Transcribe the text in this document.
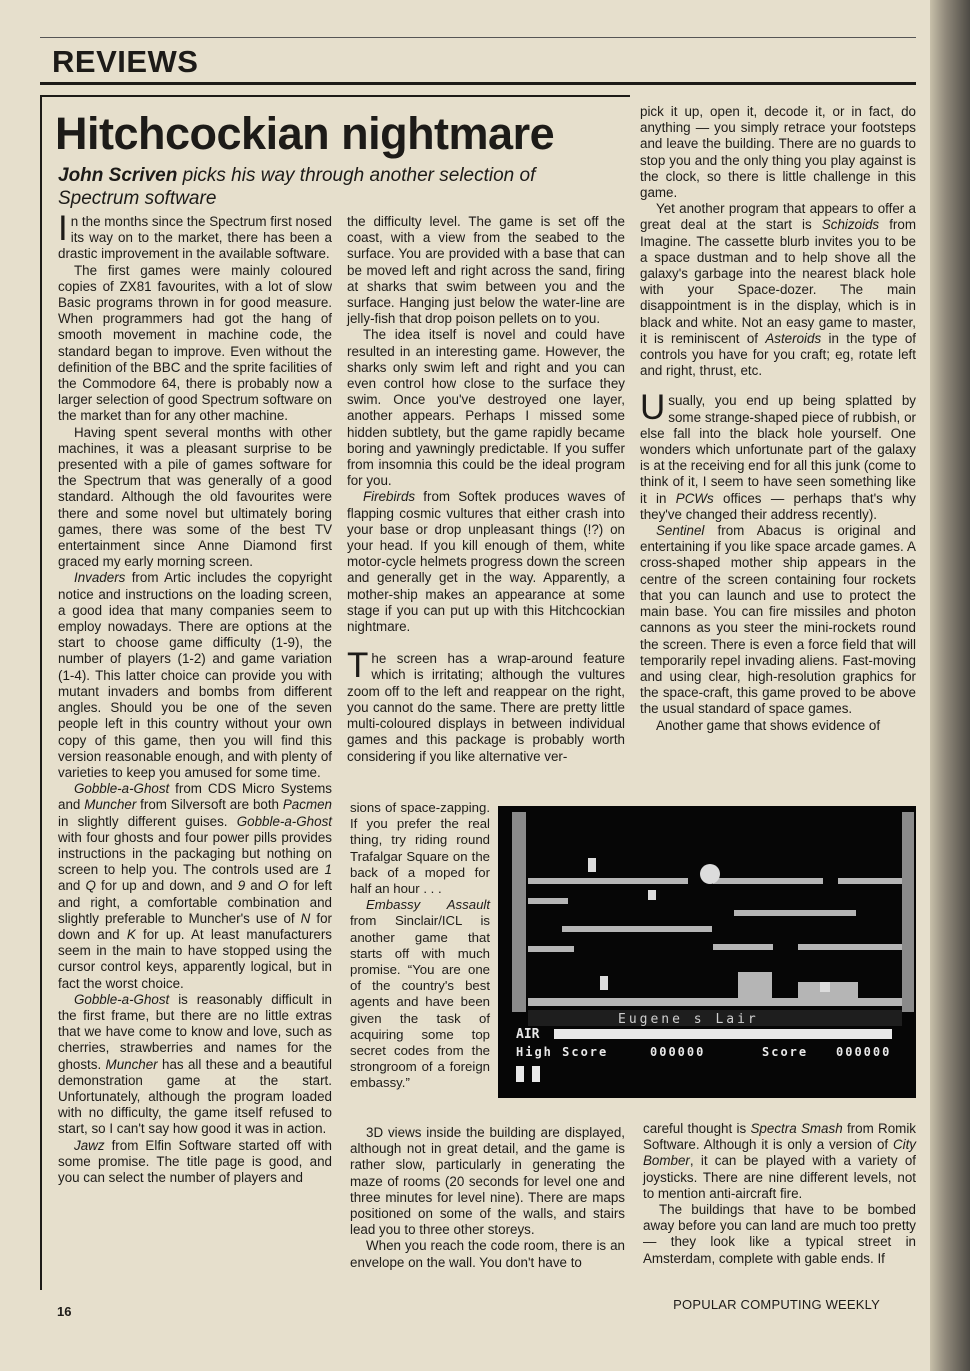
REVIEWS
Hitchcockian nightmare
John Scriven picks his way through another selection of Spectrum software

In the months since the Spectrum first nosed its way on to the market, there has been a drastic improvement in the available software.

The first games were mainly coloured copies of ZX81 favourites, with a lot of slow Basic programs thrown in for good measure. When programmers had got the hang of smooth movement in machine code, the standard began to improve. Even without the definition of the BBC and the sprite facilities of the Commodore 64, there is probably now a larger selection of good Spectrum software on the market than for any other machine.

Having spent several months with other machines, it was a pleasant surprise to be presented with a pile of games software for the Spectrum that was generally of a good standard. Although the old favourites were there and some novel but ultimately boring games, there was some of the best TV entertainment since Anne Diamond first graced my early morning screen.

Invaders from Artic includes the copyright notice and instructions on the loading screen, a good idea that many companies seem to employ nowadays. There are options at the start to choose game difficulty (1-9), the number of players (1-2) and game variation (1-4). This latter choice can provide you with mutant invaders and bombs from different angles. Should you be one of the seven people left in this country without your own copy of this game, then you will find this version reasonable enough, and with plenty of varieties to keep you amused for some time.

Gobble-a-Ghost from CDS Micro Systems and Muncher from Silversoft are both Pacmen in slightly different guises. Gobble-a-Ghost with four ghosts and four power pills provides instructions in the packaging but nothing on screen to help you. The controls used are 1 and Q for up and down, and 9 and O for left and right, a comfortable combination and slightly preferable to Muncher's use of N for down and K for up. At least manufacturers seem in the main to have stopped using the cursor control keys, apparently logical, but in fact the worst choice.

Gobble-a-Ghost is reasonably difficult in the first frame, but there are no little extras that we have come to know and love, such as cherries, strawberries and names for the ghosts. Muncher has all these and a beautiful demonstration game at the start. Unfortunately, although the program loaded with no difficulty, the game itself refused to start, so I can't say how good it was in action.

Jawz from Elfin Software started off with some promise. The title page is good, and you can select the number of players and

the difficulty level. The game is set off the coast, with a view from the seabed to the surface. You are provided with a base that can be moved left and right across the sand, firing at sharks that swim between you and the surface. Hanging just below the water-line are jelly-fish that drop poison pellets on to you.

The idea itself is novel and could have resulted in an interesting game. However, the sharks only swim left and right and you can even control how close to the surface they swim. Once you've destroyed one layer, another appears. Perhaps I missed some hidden subtlety, but the game rapidly became boring and yawningly predictable. If you suffer from insomnia this could be the ideal program for you.

Firebirds from Softek produces waves of flapping cosmic vultures that either crash into your base or drop unpleasant things (!?) on your head. If you kill enough of them, white motor-cycle helmets progress down the screen and generally get in the way. Apparently, a mother-ship makes an appearance at some stage if you can put up with this Hitchcockian nightmare.

The screen has a wrap-around feature which is irritating; although the vultures zoom off to the left and reappear on the right, you cannot do the same. There are pretty little multi-coloured displays in between individual games and this package is probably worth considering if you like alternative ver-

sions of space-zapping. If you prefer the real thing, try riding round Trafalgar Square on the back of a moped for half an hour . . .

Embassy Assault from Sinclair/ICL is another game that starts off with much promise. “You are one of the country's best agents and have been given the task of acquiring some top secret codes from the strongroom of a foreign embassy.”

3D views inside the building are displayed, although not in great detail, and the game is rather slow, particularly in generating the maze of rooms (20 seconds for level one and three minutes for level nine). There are maps positioned on some of the walls, and stairs lead you to three other storeys.

When you reach the code room, there is an envelope on the wall. You don't have to

pick it up, open it, decode it, or in fact, do anything — you simply retrace your footsteps and leave the building. There are no guards to stop you and the only thing you play against is the clock, so there is little challenge in this game.

Yet another program that appears to offer a great deal at the start is Schizoids from Imagine. The cassette blurb invites you to be a space dustman and to help shove all the galaxy's garbage into the nearest black hole with your Space-dozer. The main disappointment is in the display, which is in black and white. Not an easy game to master, it is reminiscent of Asteroids in the type of controls you have for you craft; eg, rotate left and right, thrust, etc.

Usually, you end up being splatted by some strange-shaped piece of rubbish, or else fall into the black hole yourself. One wonders which unfortunate part of the galaxy is at the receiving end for all this junk (come to think of it, I seem to have seen something like it in PCWs offices — perhaps that's why they've changed their address recently).

Sentinel from Abacus is original and entertaining if you like space arcade games. A cross-shaped mother ship appears in the centre of the screen containing four rockets that you can launch and use to protect the main base. You can fire missiles and photon cannons as you steer the mini-rockets round the screen. There is even a force field that will temporarily repel invading aliens. Fast-moving and using clear, high-resolution graphics for the space-craft, this game proved to be above the usual standard of space games.

Another game that shows evidence of

Eugene s Lair
AIR
High Score	000000	Score 000000

careful thought is Spectra Smash from Romik Software. Although it is only a version of City Bomber, it can be played with a variety of joysticks. There are nine different levels, not to mention anti-aircraft fire.

The buildings that have to be bombed away before you can land are much too pretty — they look like a typical street in Amsterdam, complete with gable ends. If

16	POPULAR COMPUTING WEEKLY
